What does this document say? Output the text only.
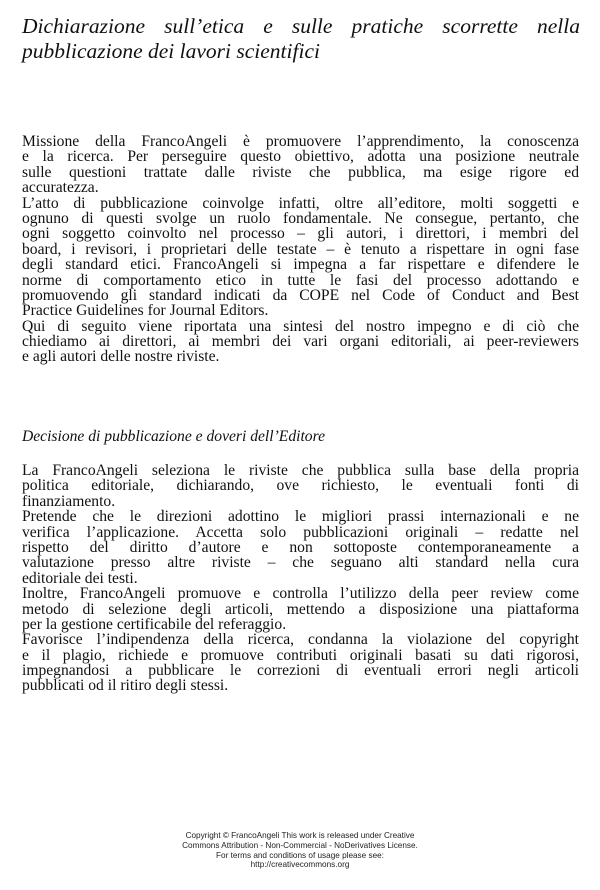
Dichiarazione sull’etica e sulle pratiche scorrette nella
pubblicazione dei lavori scientifici
Missione della FrancoAngeli è promuovere l’apprendimento, la conoscenza
e la ricerca. Per perseguire questo obiettivo, adotta una posizione neutrale
sulle questioni trattate dalle riviste che pubblica, ma esige rigore ed
accuratezza.
L’atto di pubblicazione coinvolge infatti, oltre all’editore, molti soggetti e
ognuno di questi svolge un ruolo fondamentale. Ne consegue, pertanto, che
ogni soggetto coinvolto nel processo – gli autori, i direttori, i membri del
board, i revisori, i proprietari delle testate – è tenuto a rispettare in ogni fase
degli standard etici. FrancoAngeli si impegna a far rispettare e difendere le
norme di comportamento etico in tutte le fasi del processo adottando e
promuovendo gli standard indicati da COPE nel Code of Conduct and Best
Practice Guidelines for Journal Editors.
Qui di seguito viene riportata una sintesi del nostro impegno e di ciò che
chiediamo ai direttori, ai membri dei vari organi editoriali, ai peer-reviewers
e agli autori delle nostre riviste.
Decisione di pubblicazione e doveri dell’Editore
La FrancoAngeli seleziona le riviste che pubblica sulla base della propria
politica editoriale, dichiarando, ove richiesto, le eventuali fonti di
finanziamento.
Pretende che le direzioni adottino le migliori prassi internazionali e ne
verifica l’applicazione. Accetta solo pubblicazioni originali – redatte nel
rispetto del diritto d’autore e non sottoposte contemporaneamente a
valutazione presso altre riviste – che seguano alti standard nella cura
editoriale dei testi.
Inoltre, FrancoAngeli promuove e controlla l’utilizzo della peer review come
metodo di selezione degli articoli, mettendo a disposizione una piattaforma
per la gestione certificabile del referaggio.
Favorisce l’indipendenza della ricerca, condanna la violazione del copyright
e il plagio, richiede e promuove contributi originali basati su dati rigorosi,
impegnandosi a pubblicare le correzioni di eventuali errori negli articoli
pubblicati od il ritiro degli stessi.
Copyright © FrancoAngeli This work is released under Creative
Commons Attribution - Non-Commercial - NoDerivatives License.
For terms and conditions of usage please see:
http://creativecommons.org
